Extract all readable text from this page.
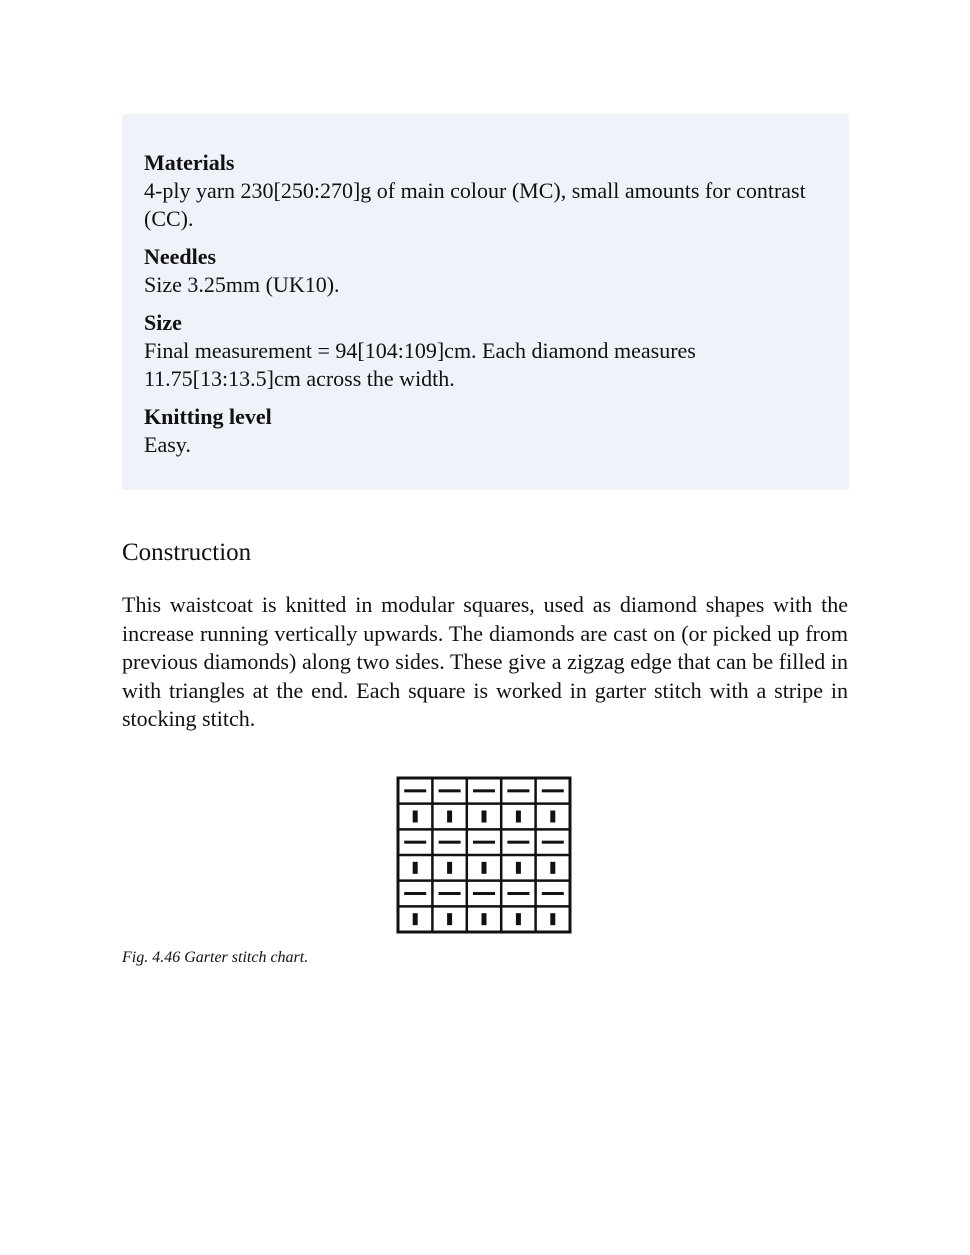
Materials
4-ply yarn 230[250:270]g of main colour (MC), small amounts for contrast (CC).
Needles
Size 3.25mm (UK10).
Size
Final measurement = 94[104:109]cm. Each diamond measures 11.75[13:13.5]cm across the width.
Knitting level
Easy.
Construction

This waistcoat is knitted in modular squares, used as diamond shapes with the increase running vertically upwards. The diamonds are cast on (or picked up from previous diamonds) along two sides. These give a zigzag edge that can be filled in with triangles at the end. Each square is worked in garter stitch with a stripe in stocking stitch.

Fig. 4.46 Garter stitch chart.
